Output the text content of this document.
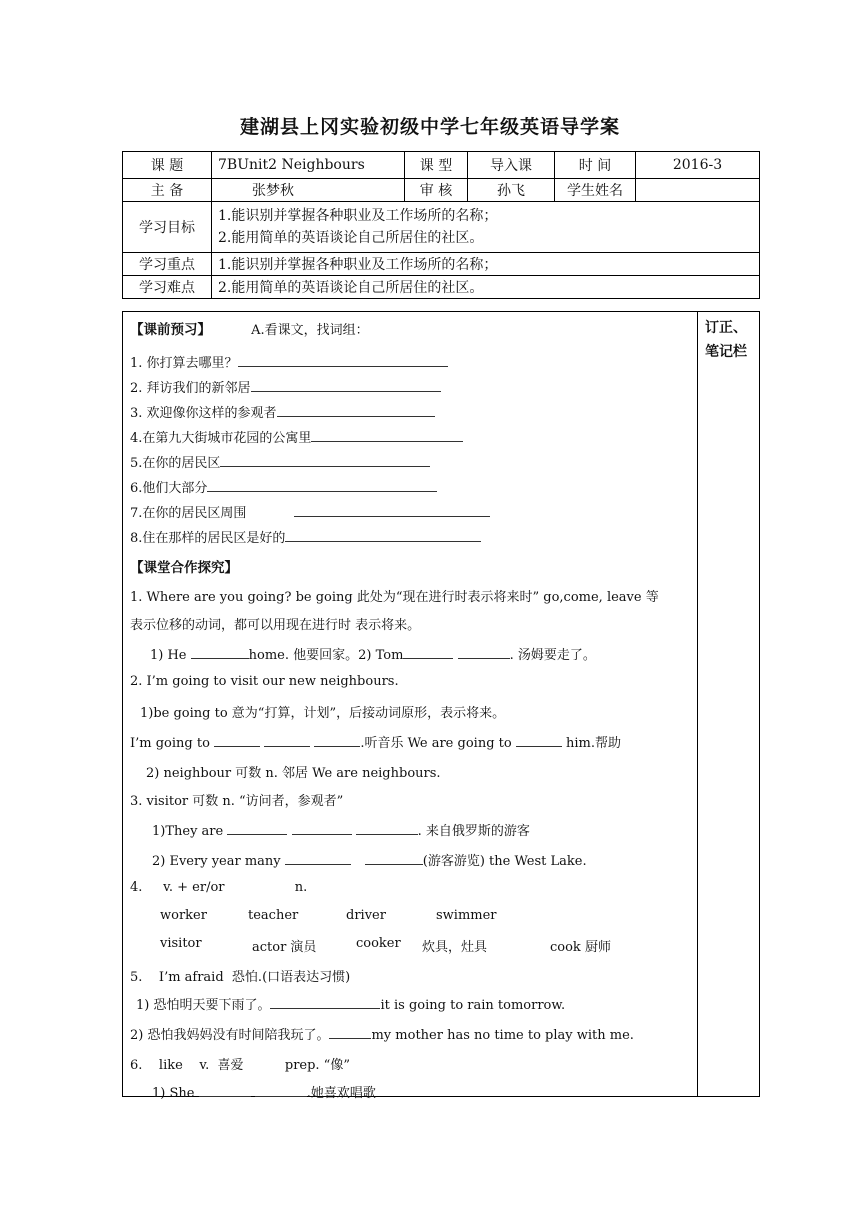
建湖县上冈实验初级中学七年级英语导学案
课 题	7BUnit2 Neighbours	课 型	导入课	时 间	2016-3
主 备	张梦秋	审 核	孙飞	学生姓名	
学习目标	1.能识别并掌握各种职业及工作场所的名称；
2.能用简单的英语谈论自己所居住的社区。				

学习重点	1.能识别并掌握各种职业及工作场所的名称；				
学习难点	2.能用简单的英语谈论自己所居住的社区。				
订正、笔记栏
【课前预习】	A.看课文，找词组：
1. 你打算去哪里？
2. 拜访我们的新邻居
3. 欢迎像你这样的参观者
4.在第九大街城市花园的公寓里
5.在你的居民区
6.他们大部分
7.在你的居民区周围
8.住在那样的居民区是好的
【课堂合作探究】
1. Where are you going? be going 此处为“现在进行时表示将来时” go,come, leave 等
表示位移的动词，都可以用现在进行时 表示将来。
1) He	home. 他要回家。2) Tom	. 汤姆要走了。
2. I’m going to visit our new neighbours.
1)be going to 意为“打算，计划”，后接动词原形，表示将来。
I’m going to	.听音乐 We are going to	him.帮助
2) neighbour 可数 n. 邻居 We are neighbours.
3. visitor 可数 n. “访问者，参观者”
1)They are	. 来自俄罗斯的游客
2) Every year many	(游客游览) the West Lake.
4.     v. + er/or                 n.
worker	teacher	driver	swimmer
visitor	actor 演员	cooker 炊具，灶具	cook 厨师
5.    I’m afraid  恐怕.(口语表达习惯)
1) 恐怕明天要下雨了。	it is going to rain tomorrow.
2) 恐怕我妈妈没有时间陪我玩了。	my mother has no time to play with me.
6.    like    v.  喜爱          prep. “像”
1) She	.她喜欢唱歌
